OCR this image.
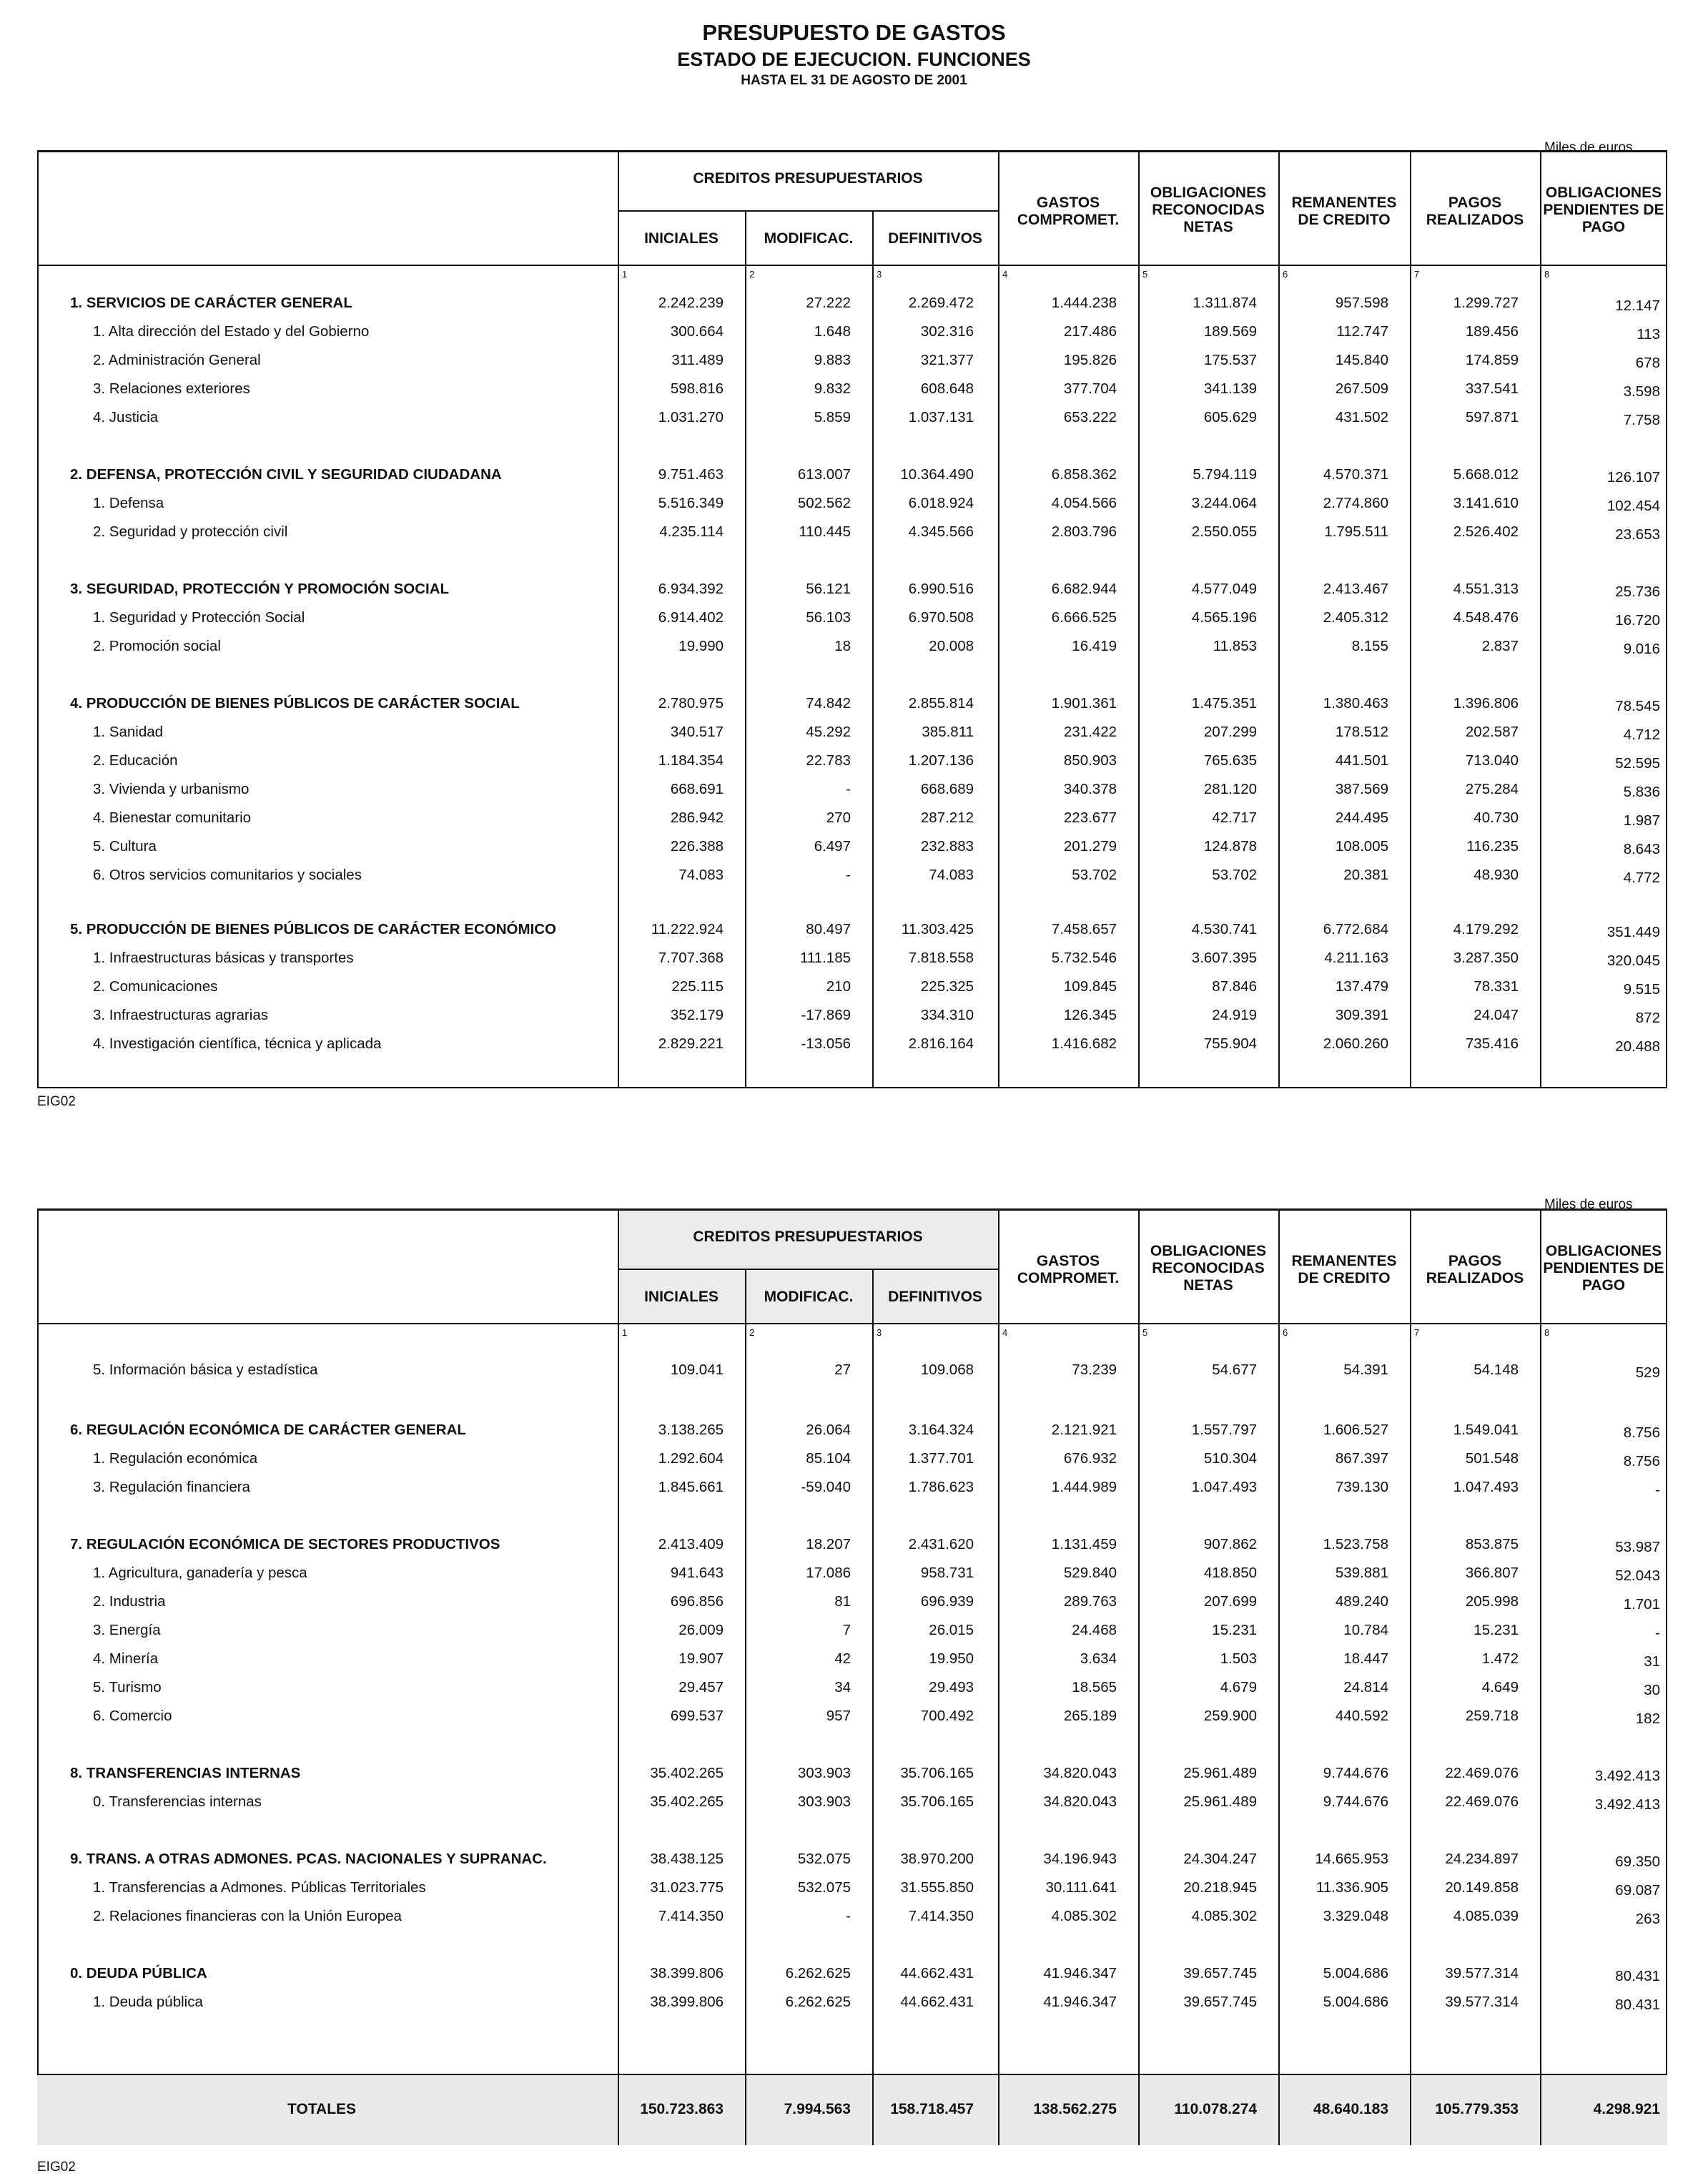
PRESUPUESTO DE GASTOS
ESTADO DE EJECUCION. FUNCIONES
HASTA EL 31 DE AGOSTO DE 2001
Miles de euros
Miles de euros
CREDITOS PRESUPUESTARIOS
INICIALES	MODIFICAC.	DEFINITIVOS
GASTOS COMPROMET.
OBLIGACIONES RECONOCIDAS NETAS
REMANENTES DE CREDITO
PAGOS REALIZADOS
OBLIGACIONES PENDIENTES DE PAGO
1	2	3	4	5	6	7	8
1. SERVICIOS DE CARÁCTER GENERAL	2.242.239	27.222	2.269.472	1.444.238	1.311.874	957.598	1.299.727	12.147
1. Alta dirección del Estado y del Gobierno	300.664	1.648	302.316	217.486	189.569	112.747	189.456	113
2. Administración General	311.489	9.883	321.377	195.826	175.537	145.840	174.859	678
3. Relaciones exteriores	598.816	9.832	608.648	377.704	341.139	267.509	337.541	3.598
4. Justicia	1.031.270	5.859	1.037.131	653.222	605.629	431.502	597.871	7.758
2. DEFENSA, PROTECCIÓN CIVIL Y SEGURIDAD CIUDADANA	9.751.463	613.007	10.364.490	6.858.362	5.794.119	4.570.371	5.668.012	126.107
1. Defensa	5.516.349	502.562	6.018.924	4.054.566	3.244.064	2.774.860	3.141.610	102.454
2. Seguridad y protección civil	4.235.114	110.445	4.345.566	2.803.796	2.550.055	1.795.511	2.526.402	23.653
3. SEGURIDAD, PROTECCIÓN Y PROMOCIÓN SOCIAL	6.934.392	56.121	6.990.516	6.682.944	4.577.049	2.413.467	4.551.313	25.736
1. Seguridad y Protección Social	6.914.402	56.103	6.970.508	6.666.525	4.565.196	2.405.312	4.548.476	16.720
2. Promoción social	19.990	18	20.008	16.419	11.853	8.155	2.837	9.016
4. PRODUCCIÓN DE BIENES PÚBLICOS DE CARÁCTER SOCIAL	2.780.975	74.842	2.855.814	1.901.361	1.475.351	1.380.463	1.396.806	78.545
1. Sanidad	340.517	45.292	385.811	231.422	207.299	178.512	202.587	4.712
2. Educación	1.184.354	22.783	1.207.136	850.903	765.635	441.501	713.040	52.595
3. Vivienda y urbanismo	668.691	-	668.689	340.378	281.120	387.569	275.284	5.836
4. Bienestar comunitario	286.942	270	287.212	223.677	42.717	244.495	40.730	1.987
5. Cultura	226.388	6.497	232.883	201.279	124.878	108.005	116.235	8.643
6. Otros servicios comunitarios y sociales	74.083	-	74.083	53.702	53.702	20.381	48.930	4.772
5. PRODUCCIÓN DE BIENES PÚBLICOS DE CARÁCTER ECONÓMICO	11.222.924	80.497	11.303.425	7.458.657	4.530.741	6.772.684	4.179.292	351.449
1. Infraestructuras básicas y transportes	7.707.368	111.185	7.818.558	5.732.546	3.607.395	4.211.163	3.287.350	320.045
2. Comunicaciones	225.115	210	225.325	109.845	87.846	137.479	78.331	9.515
3. Infraestructuras agrarias	352.179	-17.869	334.310	126.345	24.919	309.391	24.047	872
4. Investigación científica, técnica y aplicada	2.829.221	-13.056	2.816.164	1.416.682	755.904	2.060.260	735.416	20.488
CREDITOS PRESUPUESTARIOS
INICIALES	MODIFICAC.	DEFINITIVOS
GASTOS COMPROMET.
OBLIGACIONES RECONOCIDAS NETAS
REMANENTES DE CREDITO
PAGOS REALIZADOS
OBLIGACIONES PENDIENTES DE PAGO
1	2	3	4	5	6	7	8
5. Información básica y estadística	109.041	27	109.068	73.239	54.677	54.391	54.148	529
6. REGULACIÓN ECONÓMICA DE CARÁCTER GENERAL	3.138.265	26.064	3.164.324	2.121.921	1.557.797	1.606.527	1.549.041	8.756
1. Regulación económica	1.292.604	85.104	1.377.701	676.932	510.304	867.397	501.548	8.756
3. Regulación financiera	1.845.661	-59.040	1.786.623	1.444.989	1.047.493	739.130	1.047.493	-
7. REGULACIÓN ECONÓMICA DE SECTORES PRODUCTIVOS	2.413.409	18.207	2.431.620	1.131.459	907.862	1.523.758	853.875	53.987
1. Agricultura, ganadería y pesca	941.643	17.086	958.731	529.840	418.850	539.881	366.807	52.043
2. Industria	696.856	81	696.939	289.763	207.699	489.240	205.998	1.701
3. Energía	26.009	7	26.015	24.468	15.231	10.784	15.231	-
4. Minería	19.907	42	19.950	3.634	1.503	18.447	1.472	31
5. Turismo	29.457	34	29.493	18.565	4.679	24.814	4.649	30
6. Comercio	699.537	957	700.492	265.189	259.900	440.592	259.718	182
8. TRANSFERENCIAS INTERNAS	35.402.265	303.903	35.706.165	34.820.043	25.961.489	9.744.676	22.469.076	3.492.413
0. Transferencias internas	35.402.265	303.903	35.706.165	34.820.043	25.961.489	9.744.676	22.469.076	3.492.413
9. TRANS. A OTRAS ADMONES. PCAS. NACIONALES Y SUPRANAC.	38.438.125	532.075	38.970.200	34.196.943	24.304.247	14.665.953	24.234.897	69.350
1. Transferencias a Admones. Públicas Territoriales	31.023.775	532.075	31.555.850	30.111.641	20.218.945	11.336.905	20.149.858	69.087
2. Relaciones financieras con la Unión Europea	7.414.350	-	7.414.350	4.085.302	4.085.302	3.329.048	4.085.039	263
0. DEUDA PÚBLICA	38.399.806	6.262.625	44.662.431	41.946.347	39.657.745	5.004.686	39.577.314	80.431
1. Deuda pública	38.399.806	6.262.625	44.662.431	41.946.347	39.657.745	5.004.686	39.577.314	80.431
TOTALES	150.723.863	7.994.563	158.718.457	138.562.275	110.078.274	48.640.183	105.779.353	4.298.921
EIG02
EIG02
